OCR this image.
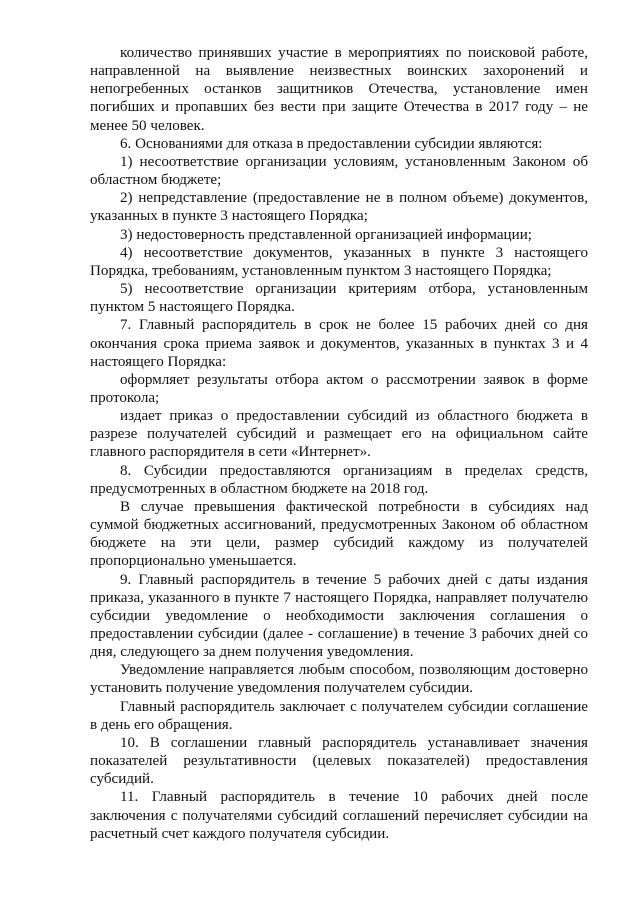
количество принявших участие в мероприятиях по поисковой работе, направленной на выявление неизвестных воинских захоронений и непогребенных останков защитников Отечества, установление имен погибших и пропавших без вести при защите Отечества в 2017 году – не менее 50 человек.

6. Основаниями для отказа в предоставлении субсидии являются:

1) несоответствие организации условиям, установленным Законом об областном бюджете;

2) непредставление (предоставление не в полном объеме) документов, указанных в пункте 3 настоящего Порядка;

3) недостоверность представленной организацией информации;

4) несоответствие документов, указанных в пункте 3 настоящего Порядка, требованиям, установленным пунктом 3 настоящего Порядка;

5) несоответствие организации критериям отбора, установленным пунктом 5 настоящего Порядка.

7. Главный распорядитель в срок не более 15 рабочих дней со дня окончания срока приема заявок и документов, указанных в пунктах 3 и 4 настоящего Порядка:

оформляет результаты отбора актом о рассмотрении заявок в форме протокола;

издает приказ о предоставлении субсидий из областного бюджета в разрезе получателей субсидий и размещает его на официальном сайте главного распорядителя в сети «Интернет».

8. Субсидии предоставляются организациям в пределах средств, предусмотренных в областном бюджете на 2018 год.

В случае превышения фактической потребности в субсидиях над суммой бюджетных ассигнований, предусмотренных Законом об областном бюджете на эти цели, размер субсидий каждому из получателей пропорционально уменьшается.

9. Главный распорядитель в течение 5 рабочих дней с даты издания приказа, указанного в пункте 7 настоящего Порядка, направляет получателю субсидии уведомление о необходимости заключения соглашения о предоставлении субсидии (далее - соглашение) в течение 3 рабочих дней со дня, следующего за днем получения уведомления.

Уведомление направляется любым способом, позволяющим достоверно установить получение уведомления получателем субсидии.

Главный распорядитель заключает с получателем субсидии соглашение в день его обращения.

10. В соглашении главный распорядитель устанавливает значения показателей результативности (целевых показателей) предоставления субсидий.

11. Главный распорядитель в течение 10 рабочих дней после заключения с получателями субсидий соглашений перечисляет субсидии на расчетный счет каждого получателя субсидии.
